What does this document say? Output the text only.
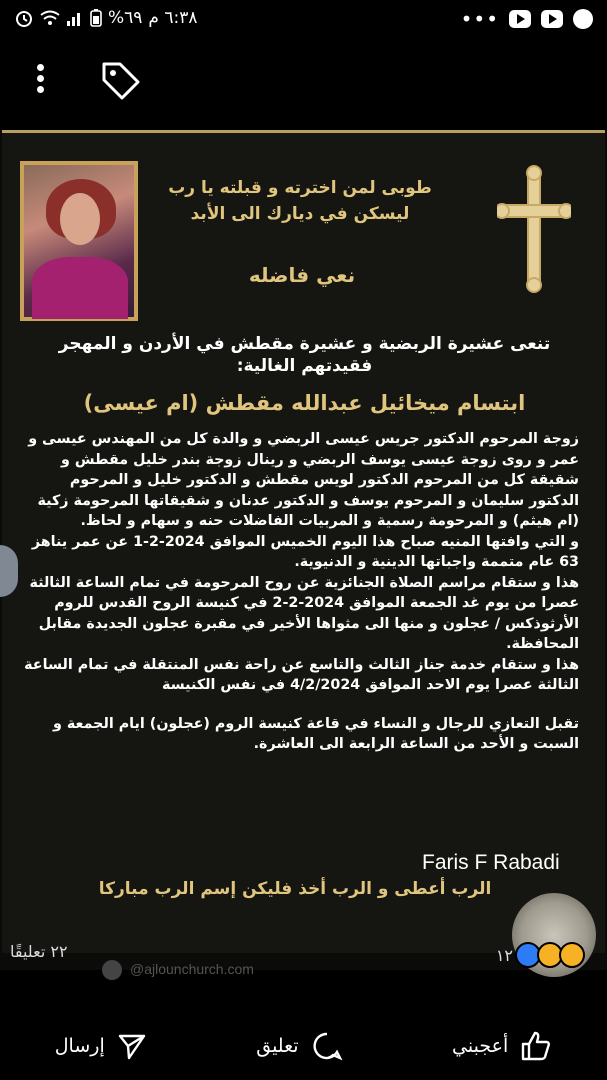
٦:٣٨ م
٦٩%	•••
طوبى لمن اخترته و قبلته يا رب ليسكن في ديارك الى الأبد
نعي فاضله
تنعى عشيرة الربضية و عشيرة مقطش في الأردن و المهجر فقيدتهم الغالية:
ابتسام ميخائيل عبدالله مقطش (ام عيسى)

زوجة المرحوم الدكتور جريس عيسى الربضي و والدة كل من المهندس عيسى و عمر و روى زوجة عيسى يوسف الربضي و رينال زوجة بندر خليل مقطش و شقيقة كل من المرحوم الدكتور لويس مقطش و الدكتور خليل و المرحوم الدكتور سليمان و المرحوم يوسف و الدكتور عدنان و شقيقاتها المرحومة زكية (ام هيثم) و المرحومة رسمية و المربيات الفاضلات حنه و سهام و لحاظ.

و التي وافتها المنيه صباح هذا اليوم الخميس الموافق 2024-2-1 عن عمر يناهز 63 عام متممة واجباتها الدينية و الدنيوية.

هذا و ستقام مراسم الصلاة الجنائزية عن روح المرحومة في تمام الساعة الثالثة عصرا من يوم غد الجمعة الموافق 2024-2-2 في كنيسة الروح القدس للروم الأرثوذكس / عجلون و منها الى مثواها الأخير في مقبرة عجلون الجديدة مقابل المحافظة.

هذا و ستقام خدمة جناز الثالث والتاسع عن راحة نفس المنتقلة في تمام الساعة الثالثة عصرا يوم الاحد الموافق 4/2/2024 في نفس الكنيسة

تقبل التعازي للرجال و النساء في قاعة كنيسة الروم (عجلون) ايام الجمعة و السبت و الأحد من الساعة الرابعة الى العاشرة.

Faris F Rabadi
الرب أعطى و الرب أخذ فليكن إسم الرب مباركا
@ajlounchurch.com
٢٢ تعليقًا	١٢
إرسال	تعليق	أعجبني
